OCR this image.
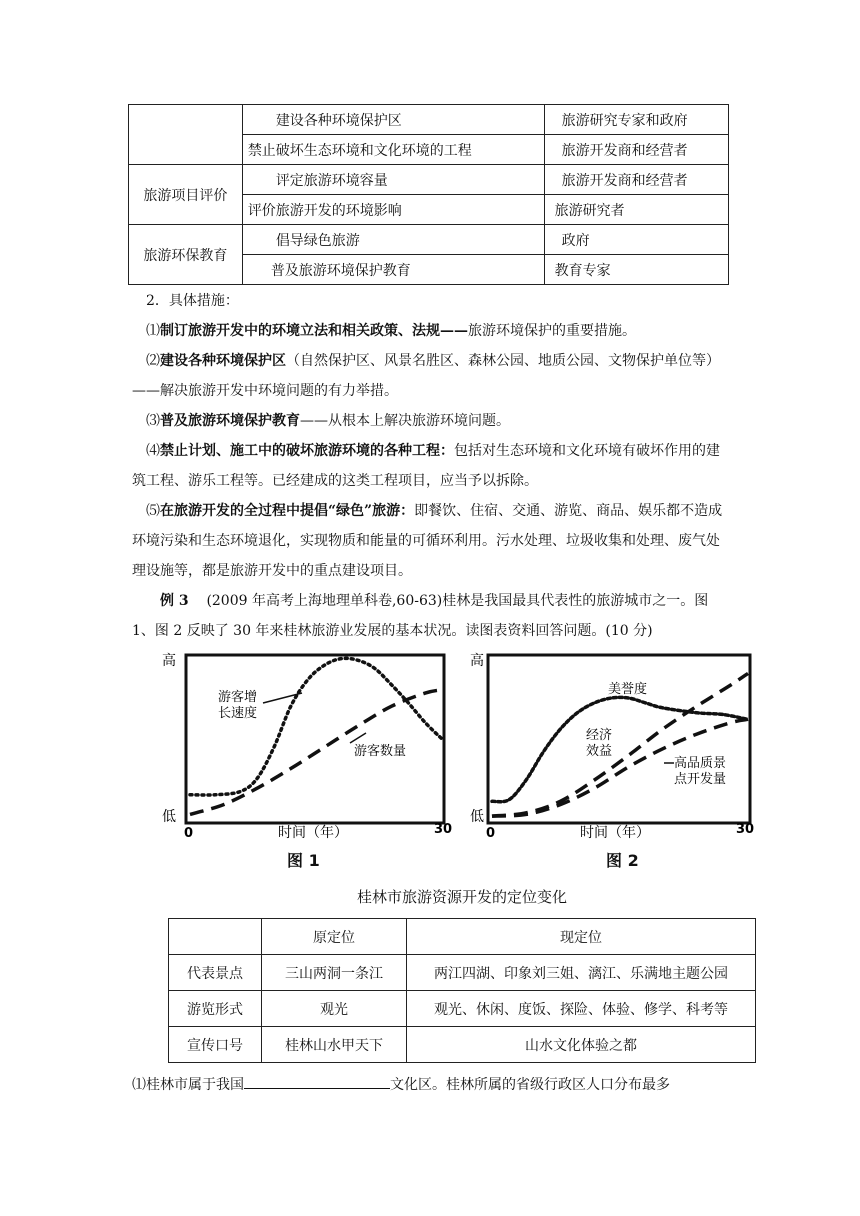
	建设各种环境保护区	旅游研究专家和政府
	禁止破坏生态环境和文化环境的工程	旅游开发商和经营者
旅游项目评价	评定旅游环境容量	旅游开发商和经营者
	评价旅游开发的环境影响	旅游研究者
旅游环保教育	倡导绿色旅游	政府
	普及旅游环境保护教育	教育专家
2．具体措施：
⑴制订旅游开发中的环境立法和相关政策、法规——旅游环境保护的重要措施。
⑵建设各种环境保护区（自然保护区、风景名胜区、森林公园、地质公园、文物保护单位等）——解决旅游开发中环境问题的有力举措。
⑶普及旅游环境保护教育——从根本上解决旅游环境问题。
⑷禁止计划、施工中的破坏旅游环境的各种工程：包括对生态环境和文化环境有破坏作用的建筑工程、游乐工程等。已经建成的这类工程项目，应当予以拆除。
⑸在旅游开发的全过程中提倡“绿色”旅游：即餐饮、住宿、交通、游览、商品、娱乐都不造成环境污染和生态环境退化，实现物质和能量的可循环利用。污水处理、垃圾收集和处理、废气处理设施等，都是旅游开发中的重点建设项目。
例 3 (2009 年高考上海地理单科卷,60-63)桂林是我国最具代表性的旅游城市之一。图 1、图 2 反映了 30 年来桂林旅游业发展的基本状况。读图表资料回答问题。(10 分)
高
低
0	30
时间（年）
游客增长速度
游客数量
高
低
0	30
时间（年）
美誉度
经济效益
高品质景点开发量
图 1	图 2
桂林市旅游资源开发的定位变化
	原定位	现定位
代表景点	三山两洞一条江	两江四湖、印象刘三姐、漓江、乐满地主题公园
游览形式	观光	观光、休闲、度饭、探险、体验、修学、科考等
宣传口号	桂林山水甲天下	山水文化体验之都
⑴桂林市属于我国	文化区。桂林所属的省级行政区人口分布最多
